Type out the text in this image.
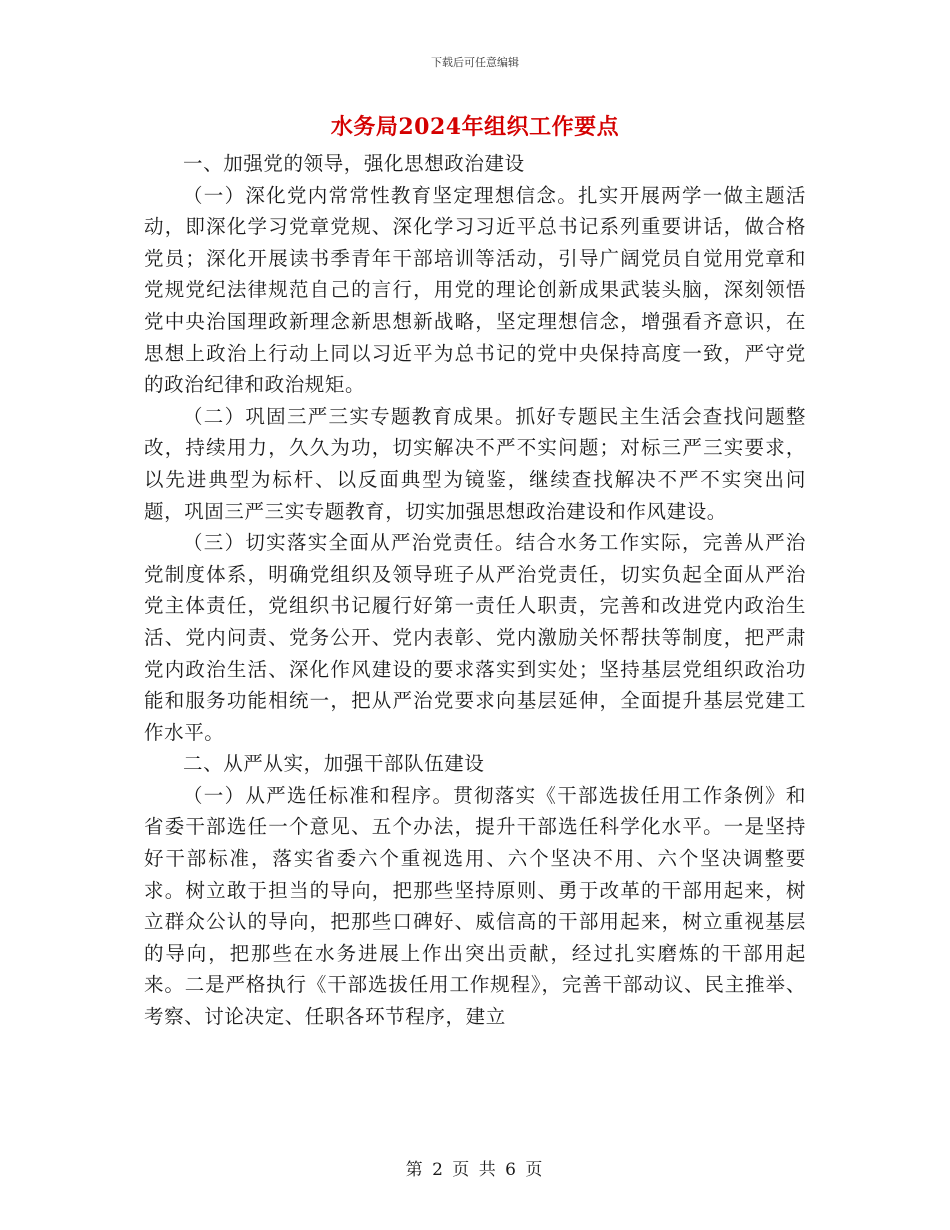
下载后可任意编辑
水务局2024年组织工作要点

一、加强党的领导，强化思想政治建设

（一）深化党内常常性教育坚定理想信念。扎实开展两学一做主题活动，即深化学习党章党规、深化学习习近平总书记系列重要讲话，做合格党员；深化开展读书季青年干部培训等活动，引导广阔党员自觉用党章和党规党纪法律规范自己的言行，用党的理论创新成果武装头脑，深刻领悟党中央治国理政新理念新思想新战略，坚定理想信念，增强看齐意识，在思想上政治上行动上同以习近平为总书记的党中央保持高度一致，严守党的政治纪律和政治规矩。

（二）巩固三严三实专题教育成果。抓好专题民主生活会查找问题整改，持续用力，久久为功，切实解决不严不实问题；对标三严三实要求，以先进典型为标杆、以反面典型为镜鉴，继续查找解决不严不实突出问题，巩固三严三实专题教育，切实加强思想政治建设和作风建设。

（三）切实落实全面从严治党责任。结合水务工作实际，完善从严治党制度体系，明确党组织及领导班子从严治党责任，切实负起全面从严治党主体责任，党组织书记履行好第一责任人职责，完善和改进党内政治生活、党内问责、党务公开、党内表彰、党内激励关怀帮扶等制度，把严肃党内政治生活、深化作风建设的要求落实到实处；坚持基层党组织政治功能和服务功能相统一，把从严治党要求向基层延伸，全面提升基层党建工作水平。

二、从严从实，加强干部队伍建设

（一）从严选任标准和程序。贯彻落实《干部选拔任用工作条例》和省委干部选任一个意见、五个办法，提升干部选任科学化水平。一是坚持好干部标准，落实省委六个重视选用、六个坚决不用、六个坚决调整要求。树立敢于担当的导向，把那些坚持原则、勇于改革的干部用起来，树立群众公认的导向，把那些口碑好、威信高的干部用起来，树立重视基层的导向，把那些在水务进展上作出突出贡献，经过扎实磨炼的干部用起来。二是严格执行《干部选拔任用工作规程》，完善干部动议、民主推举、考察、讨论决定、任职各环节程序，建立

第 2 页 共 6 页
